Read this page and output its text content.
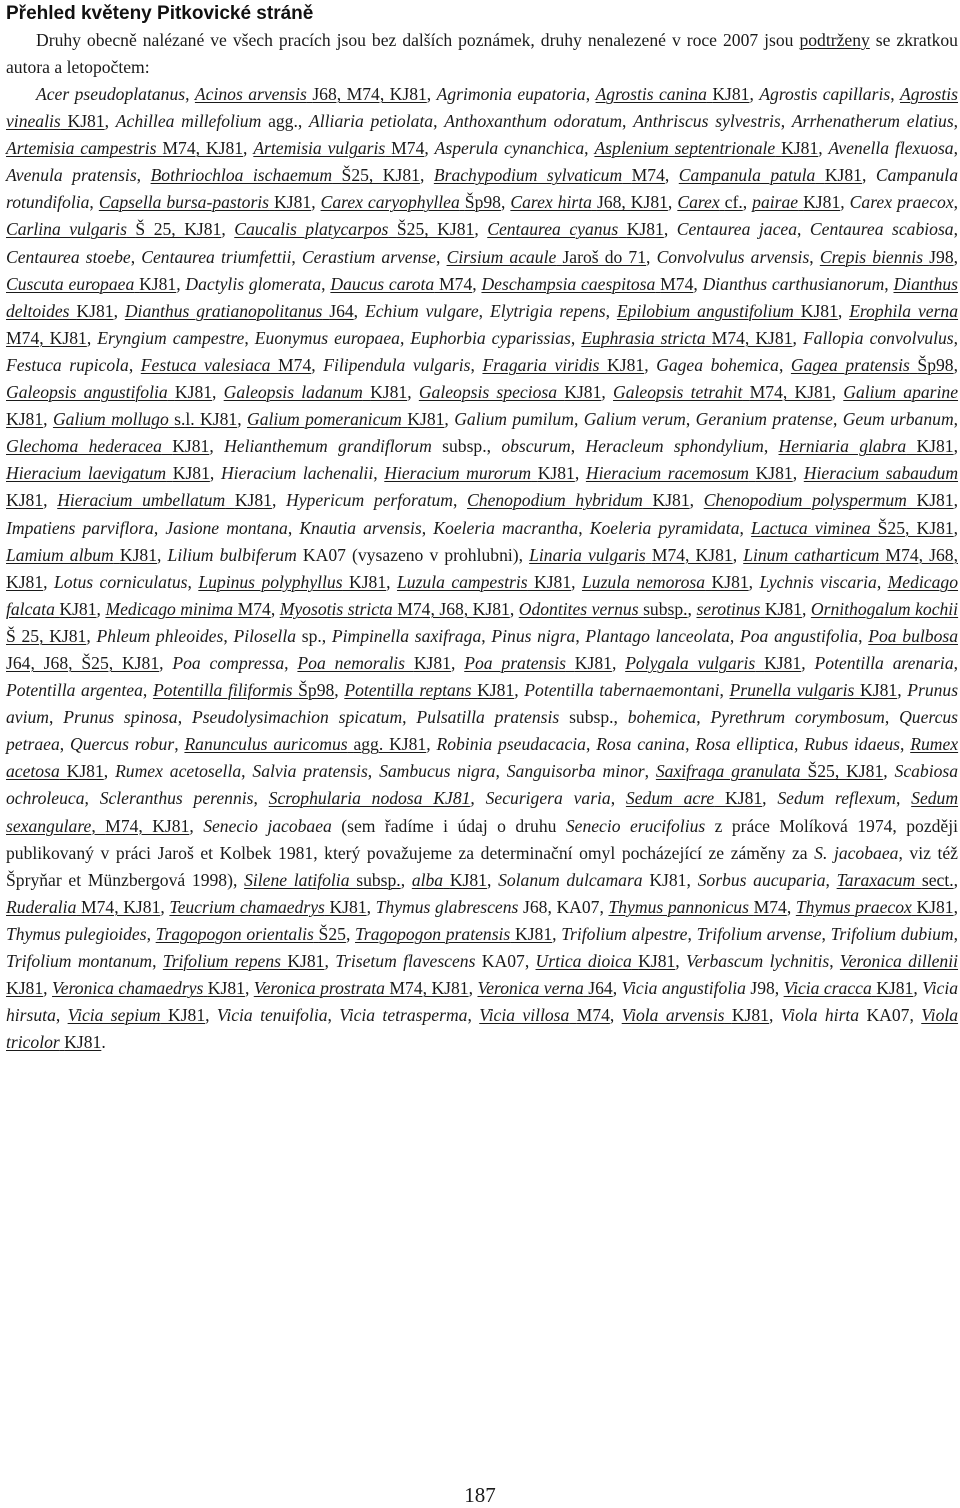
Přehled květeny Pitkovické stráně

Druhy obecně nalézané ve všech pracích jsou bez dalších poznámek, druhy nenalezené v roce 2007 jsou podtrženy se zkratkou autora a letopočtem:

Acer pseudoplatanus, Acinos arvensis J68, M74, KJ81, Agrimonia eupatoria, Agrostis canina KJ81, Agrostis capillaris, Agrostis vinealis KJ81, Achillea millefolium agg., Alliaria petiolata, Anthoxanthum odoratum, Anthriscus sylvestris, Arrhenatherum elatius, Artemisia campestris M74, KJ81, Artemisia vulgaris M74, Asperula cynanchica, Asplenium septentrionale KJ81, Avenella flexuosa, Avenula pratensis, Bothriochloa ischaemum Š25, KJ81, Brachypodium sylvaticum M74, Campanula patula KJ81, Campanula rotundifolia, Capsella bursa-pastoris KJ81, Carex caryophyllea Šp98, Carex hirta J68, KJ81, Carex cf., pairae KJ81, Carex praecox, Carlina vulgaris Š 25, KJ81, Caucalis platycarpos Š25, KJ81, Centaurea cyanus KJ81, Centaurea jacea, Centaurea scabiosa, Centaurea stoebe, Centaurea triumfettii, Cerastium arvense, Cirsium acaule Jaroš do 71, Convolvulus arvensis, Crepis biennis J98, Cuscuta europaea KJ81, Dactylis glomerata, Daucus carota M74, Deschampsia caespitosa M74, Dianthus carthusianorum, Dianthus deltoides KJ81, Dianthus gratianopolitanus J64, Echium vulgare, Elytrigia repens, Epilobium angustifolium KJ81, Erophila verna M74, KJ81, Eryngium campestre, Euonymus europaea, Euphorbia cyparissias, Euphrasia stricta M74, KJ81, Fallopia convolvulus, Festuca rupicola, Festuca valesiaca M74, Filipendula vulgaris, Fragaria viridis KJ81, Gagea bohemica, Gagea pratensis Šp98, Galeopsis angustifolia KJ81, Galeopsis ladanum KJ81, Galeopsis speciosa KJ81, Galeopsis tetrahit M74, KJ81, Galium aparine KJ81, Galium mollugo s.l. KJ81, Galium pomeranicum KJ81, Galium pumilum, Galium verum, Geranium pratense, Geum urbanum, Glechoma hederacea KJ81, Helianthemum grandiflorum subsp., obscurum, Heracleum sphondylium, Herniaria glabra KJ81, Hieracium laevigatum KJ81, Hieracium lachenalii, Hieracium murorum KJ81, Hieracium racemosum KJ81, Hieracium sabaudum KJ81, Hieracium umbellatum KJ81, Hypericum perforatum, Chenopodium hybridum KJ81, Chenopodium polyspermum KJ81, Impatiens parviflora, Jasione montana, Knautia arvensis, Koeleria macrantha, Koeleria pyramidata, Lactuca viminea Š25, KJ81, Lamium album KJ81, Lilium bulbiferum KA07 (vysazeno v prohlubni), Linaria vulgaris M74, KJ81, Linum catharticum M74, J68, KJ81, Lotus corniculatus, Lupinus polyphyllus KJ81, Luzula campestris KJ81, Luzula nemorosa KJ81, Lychnis viscaria, Medicago falcata KJ81, Medicago minima M74, Myosotis stricta M74, J68, KJ81, Odontites vernus subsp., serotinus KJ81, Ornithogalum kochii Š 25, KJ81, Phleum phleoides, Pilosella sp., Pimpinella saxifraga, Pinus nigra, Plantago lanceolata, Poa angustifolia, Poa bulbosa J64, J68, Š25, KJ81, Poa compressa, Poa nemoralis KJ81, Poa pratensis KJ81, Polygala vulgaris KJ81, Potentilla arenaria, Potentilla argentea, Potentilla filiformis Šp98, Potentilla reptans KJ81, Potentilla tabernaemontani, Prunella vulgaris KJ81, Prunus avium, Prunus spinosa, Pseudolysimachion spicatum, Pulsatilla pratensis subsp., bohemica, Pyrethrum corymbosum, Quercus petraea, Quercus robur, Ranunculus auricomus agg. KJ81, Robinia pseudacacia, Rosa canina, Rosa elliptica, Rubus idaeus, Rumex acetosa KJ81, Rumex acetosella, Salvia pratensis, Sambucus nigra, Sanguisorba minor, Saxifraga granulata Š25, KJ81, Scabiosa ochroleuca, Scleranthus perennis, Scrophularia nodosa KJ81, Securigera varia, Sedum acre KJ81, Sedum reflexum, Sedum sexangulare, M74, KJ81, Senecio jacobaea (sem řadíme i údaj o druhu Senecio erucifolius z práce Molíková 1974, později publikovaný v práci Jaroš et Kolbek 1981, který považujeme za determinační omyl pocházející ze záměny za S. jacobaea, viz též Špryňar et Münzbergová 1998), Silene latifolia subsp., alba KJ81, Solanum dulcamara KJ81, Sorbus aucuparia, Taraxacum sect., Ruderalia M74, KJ81, Teucrium chamaedrys KJ81, Thymus glabrescens J68, KA07, Thymus pannonicus M74, Thymus praecox KJ81, Thymus pulegioides, Tragopogon orientalis Š25, Tragopogon pratensis KJ81, Trifolium alpestre, Trifolium arvense, Trifolium dubium, Trifolium montanum, Trifolium repens KJ81, Trisetum flavescens KA07, Urtica dioica KJ81, Verbascum lychnitis, Veronica dillenii KJ81, Veronica chamaedrys KJ81, Veronica prostrata M74, KJ81, Veronica verna J64, Vicia angustifolia J98, Vicia cracca KJ81, Vicia hirsuta, Vicia sepium KJ81, Vicia tenuifolia, Vicia tetrasperma, Vicia villosa M74, Viola arvensis KJ81, Viola hirta KA07, Viola tricolor KJ81.

187
